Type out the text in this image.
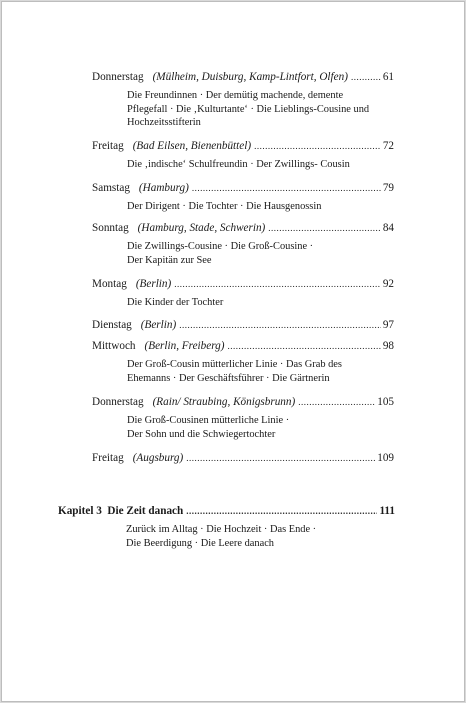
Donnerstag (Mülheim, Duisburg, Kamp-Lintfort, Olfen) .....	61
Die Freundinnen · Der demütig machende, demente
Pflegefall · Die ‚Kulturtante‘ · Die Lieblings-Cousine und
Hochzeitsstifterin
Freitag (Bad Eilsen, Bienenbüttel) .....	72
Die ‚indische‘ Schulfreundin · Der Zwillings- Cousin
Samstag (Hamburg) .....	79
Der Dirigent · Die Tochter · Die Hausgenossin
Sonntag (Hamburg, Stade, Schwerin) .....	84
Die Zwillings-Cousine · Die Groß-Cousine ·
Der Kapitän zur See
Montag (Berlin) .....	92
Die Kinder der Tochter
Dienstag (Berlin) .....	97
Mittwoch (Berlin, Freiberg) .....	98
Der Groß-Cousin mütterlicher Linie · Das Grab des
Ehemanns · Der Geschäftsführer · Die Gärtnerin
Donnerstag (Rain/ Straubing, Königsbrunn) .....	105
Die Groß-Cousinen mütterliche Linie ·
Der Sohn und die Schwiegertochter
Freitag (Augsburg) .....	109
Kapitel 3  Die Zeit danach .....	111
Zurück im Alltag · Die Hochzeit · Das Ende ·
Die Beerdigung · Die Leere danach
